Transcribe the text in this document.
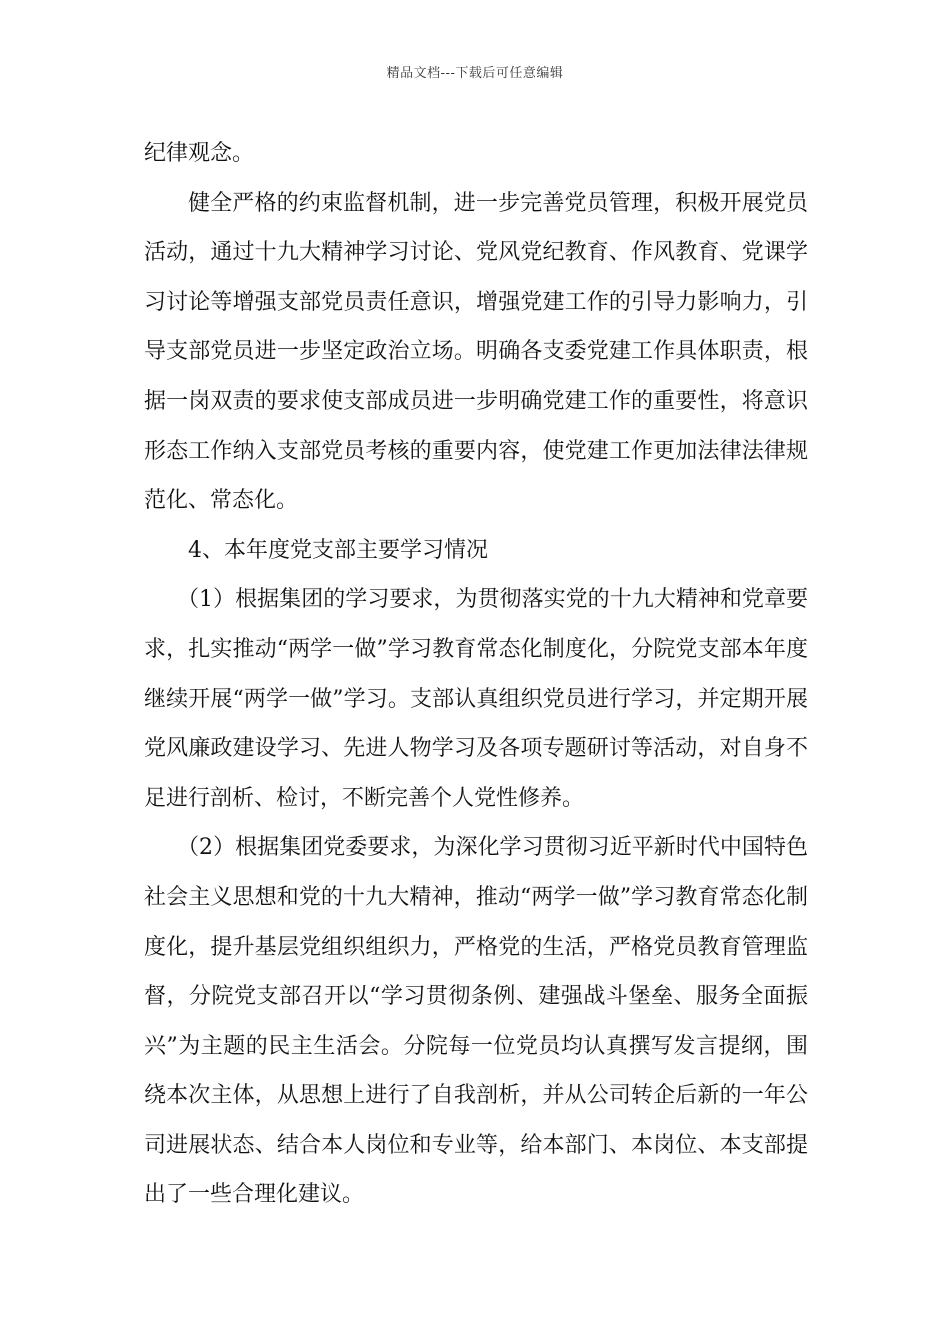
精品文档---下载后可任意编辑

纪律观念。

健全严格的约束监督机制，进一步完善党员管理，积极开展党员活动，通过十九大精神学习讨论、党风党纪教育、作风教育、党课学习讨论等增强支部党员责任意识，增强党建工作的引导力影响力，引导支部党员进一步坚定政治立场。明确各支委党建工作具体职责，根据一岗双责的要求使支部成员进一步明确党建工作的重要性，将意识形态工作纳入支部党员考核的重要内容，使党建工作更加法律法律规范化、常态化。

4、本年度党支部主要学习情况

（1）根据集团的学习要求，为贯彻落实党的十九大精神和党章要求，扎实推动“两学一做”学习教育常态化制度化，分院党支部本年度继续开展“两学一做”学习。支部认真组织党员进行学习，并定期开展党风廉政建设学习、先进人物学习及各项专题研讨等活动，对自身不足进行剖析、检讨，不断完善个人党性修养。

（2）根据集团党委要求，为深化学习贯彻习近平新时代中国特色社会主义思想和党的十九大精神，推动“两学一做”学习教育常态化制度化，提升基层党组织组织力，严格党的生活，严格党员教育管理监督，分院党支部召开以“学习贯彻条例、建强战斗堡垒、服务全面振兴”为主题的民主生活会。分院每一位党员均认真撰写发言提纲，围绕本次主体，从思想上进行了自我剖析，并从公司转企后新的一年公司进展状态、结合本人岗位和专业等，给本部门、本岗位、本支部提出了一些合理化建议。
